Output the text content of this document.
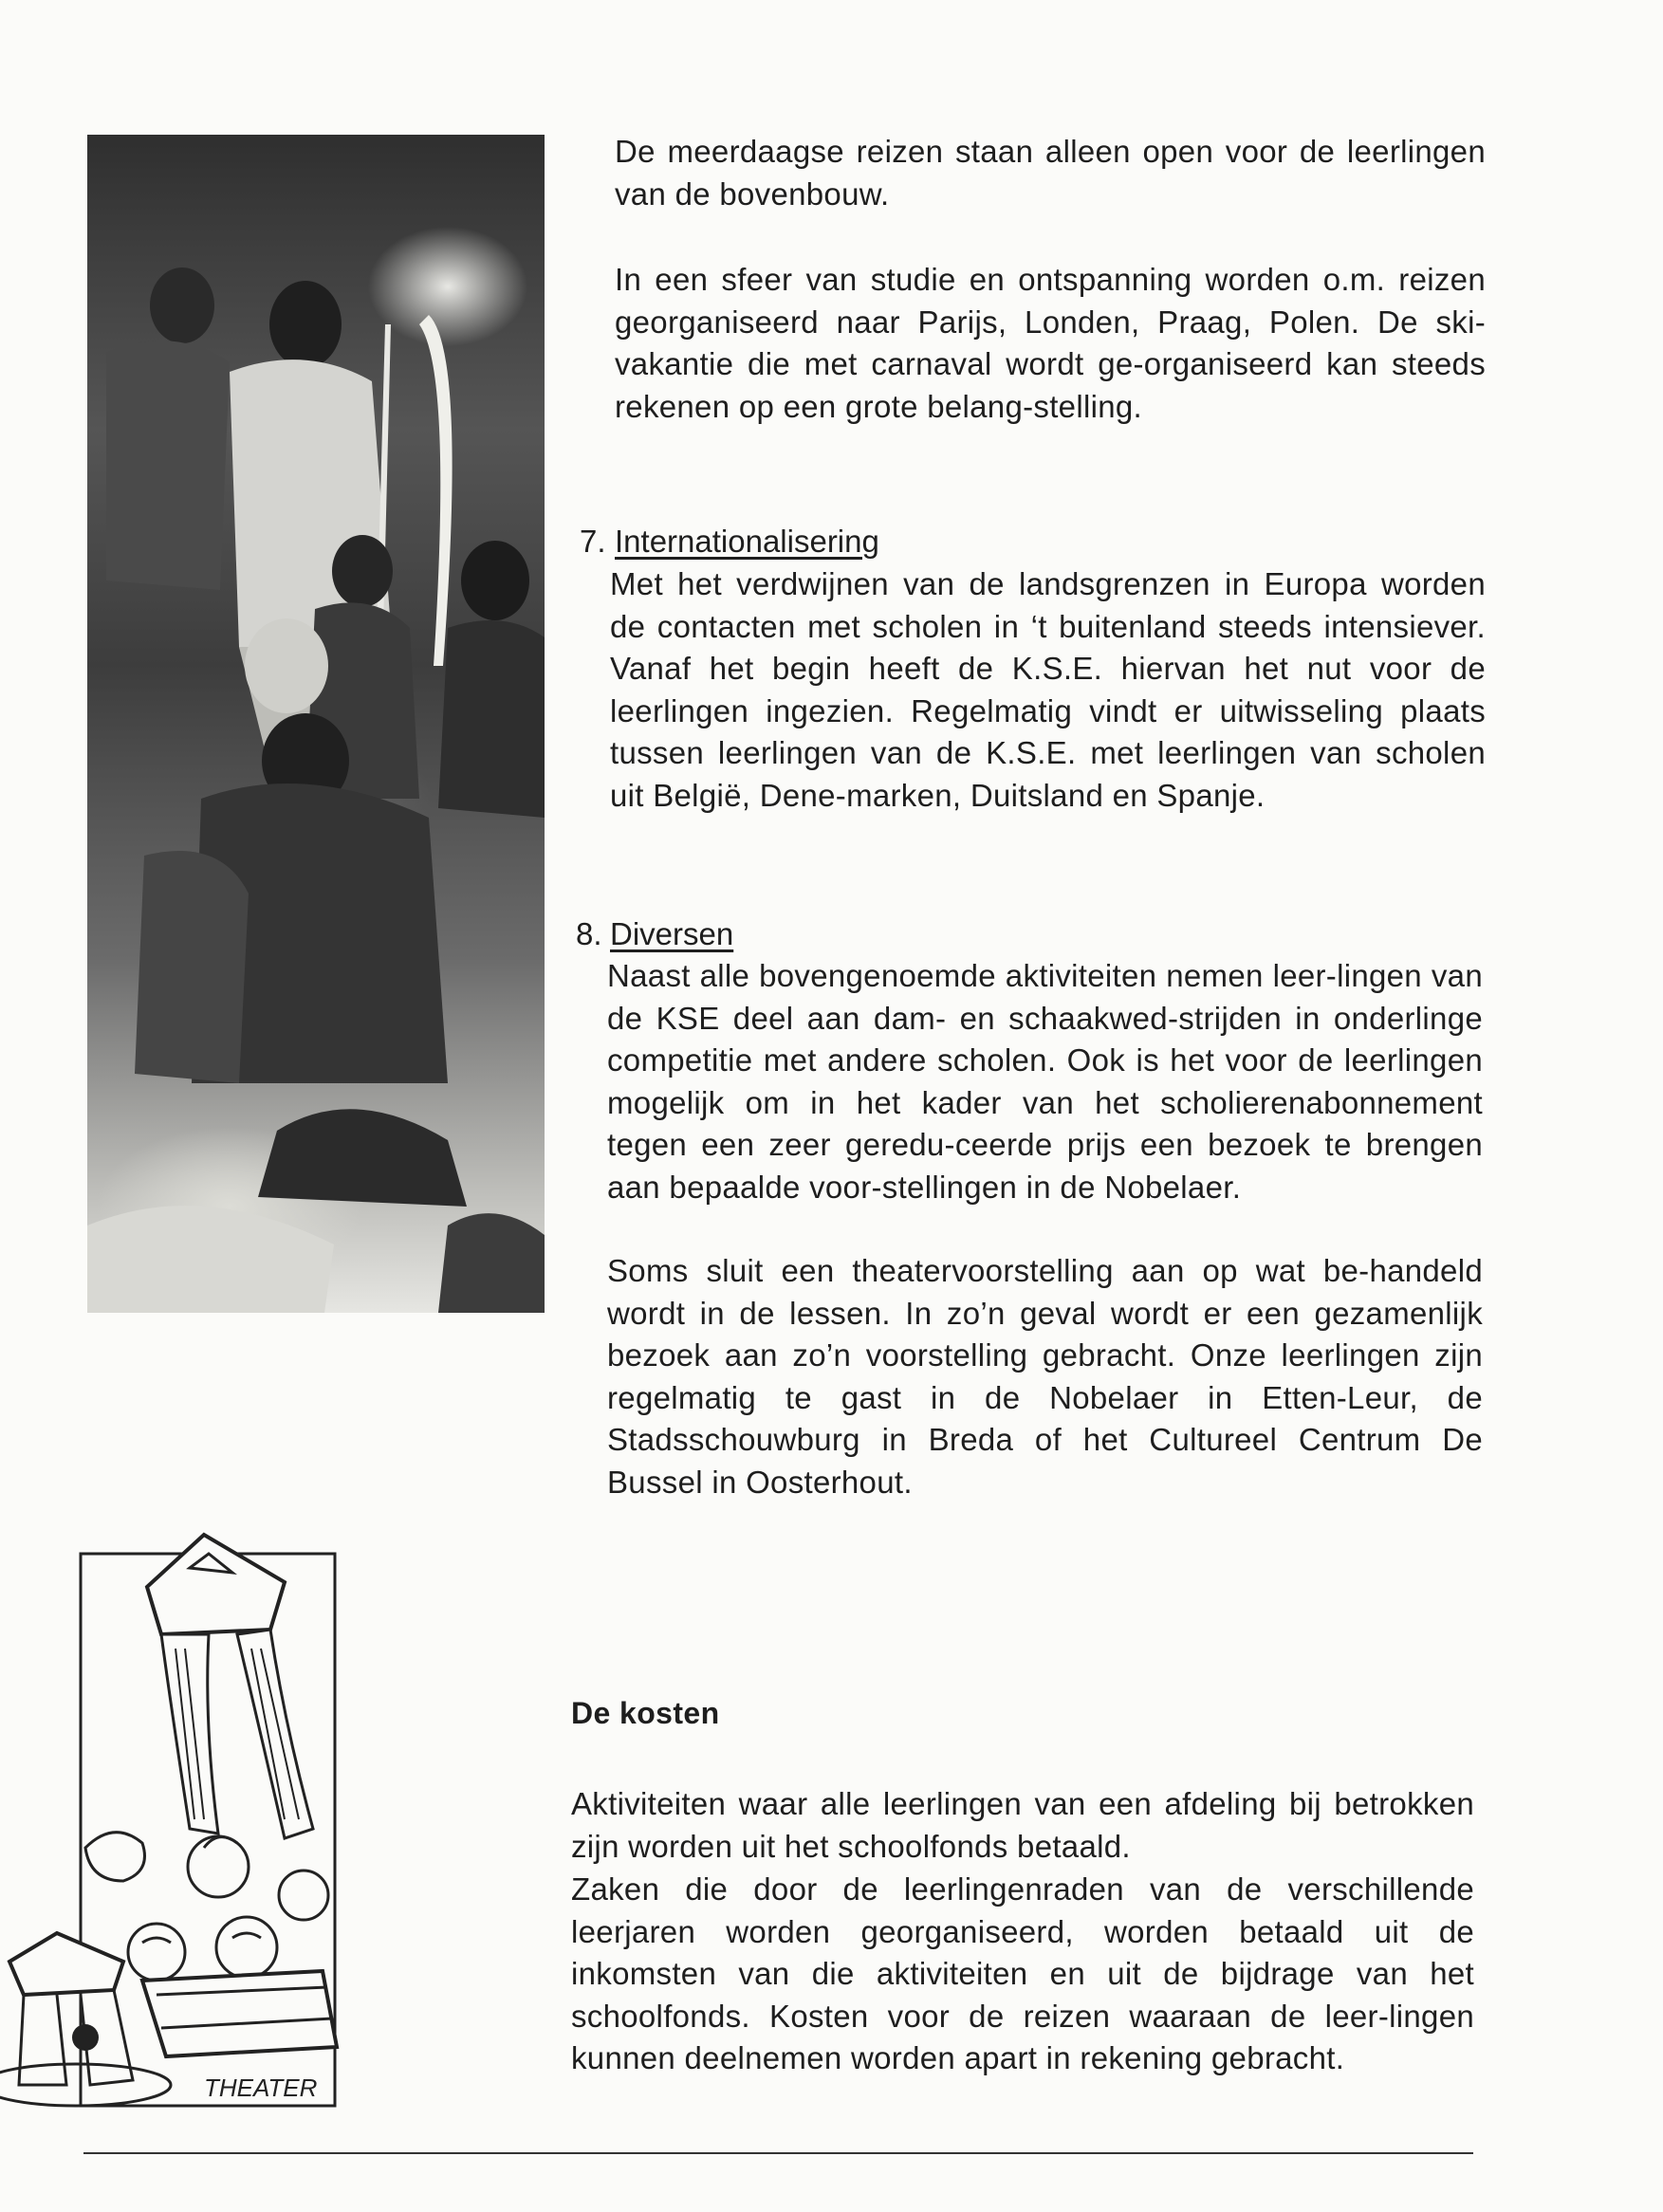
De meerdaagse reizen staan alleen open voor de leerlingen van de bovenbouw.

In een sfeer van studie en ontspanning worden o.m. reizen georganiseerd naar Parijs, Londen, Praag, Polen. De ski-vakantie die met carnaval wordt ge-organiseerd kan steeds rekenen op een grote belang-stelling.

7. Internationalisering

Met het verdwijnen van de landsgrenzen in Europa worden de contacten met scholen in ‘t buitenland steeds intensiever. Vanaf het begin heeft de K.S.E. hiervan het nut voor de leerlingen ingezien. Regelmatig vindt er uitwisseling plaats tussen leerlingen van de K.S.E. met leerlingen van scholen uit België, Dene-marken, Duitsland en Spanje.

8. Diversen

Naast alle bovengenoemde aktiviteiten nemen leer-lingen van de KSE deel aan dam- en schaakwed-strijden in onderlinge competitie met andere scholen. Ook is het voor de leerlingen mogelijk om in het kader van het scholierenabonnement tegen een zeer geredu-ceerde prijs een bezoek te brengen aan bepaalde voor-stellingen in de Nobelaer.

Soms sluit een theatervoorstelling aan op wat be-handeld wordt in de lessen. In zo’n geval wordt er een gezamenlijk bezoek aan zo’n voorstelling gebracht. Onze leerlingen zijn regelmatig te gast in de Nobelaer in Etten-Leur, de Stadsschouwburg in Breda of het Cultureel Centrum De Bussel in Oosterhout.

THEATER

De kosten

Aktiviteiten waar alle leerlingen van een afdeling bij betrokken zijn worden uit het schoolfonds betaald.

Zaken die door de leerlingenraden van de verschillende leerjaren worden georganiseerd, worden betaald uit de inkomsten van die aktiviteiten en uit de bijdrage van het schoolfonds. Kosten voor de reizen waaraan de leer-lingen kunnen deelnemen worden apart in rekening gebracht.
